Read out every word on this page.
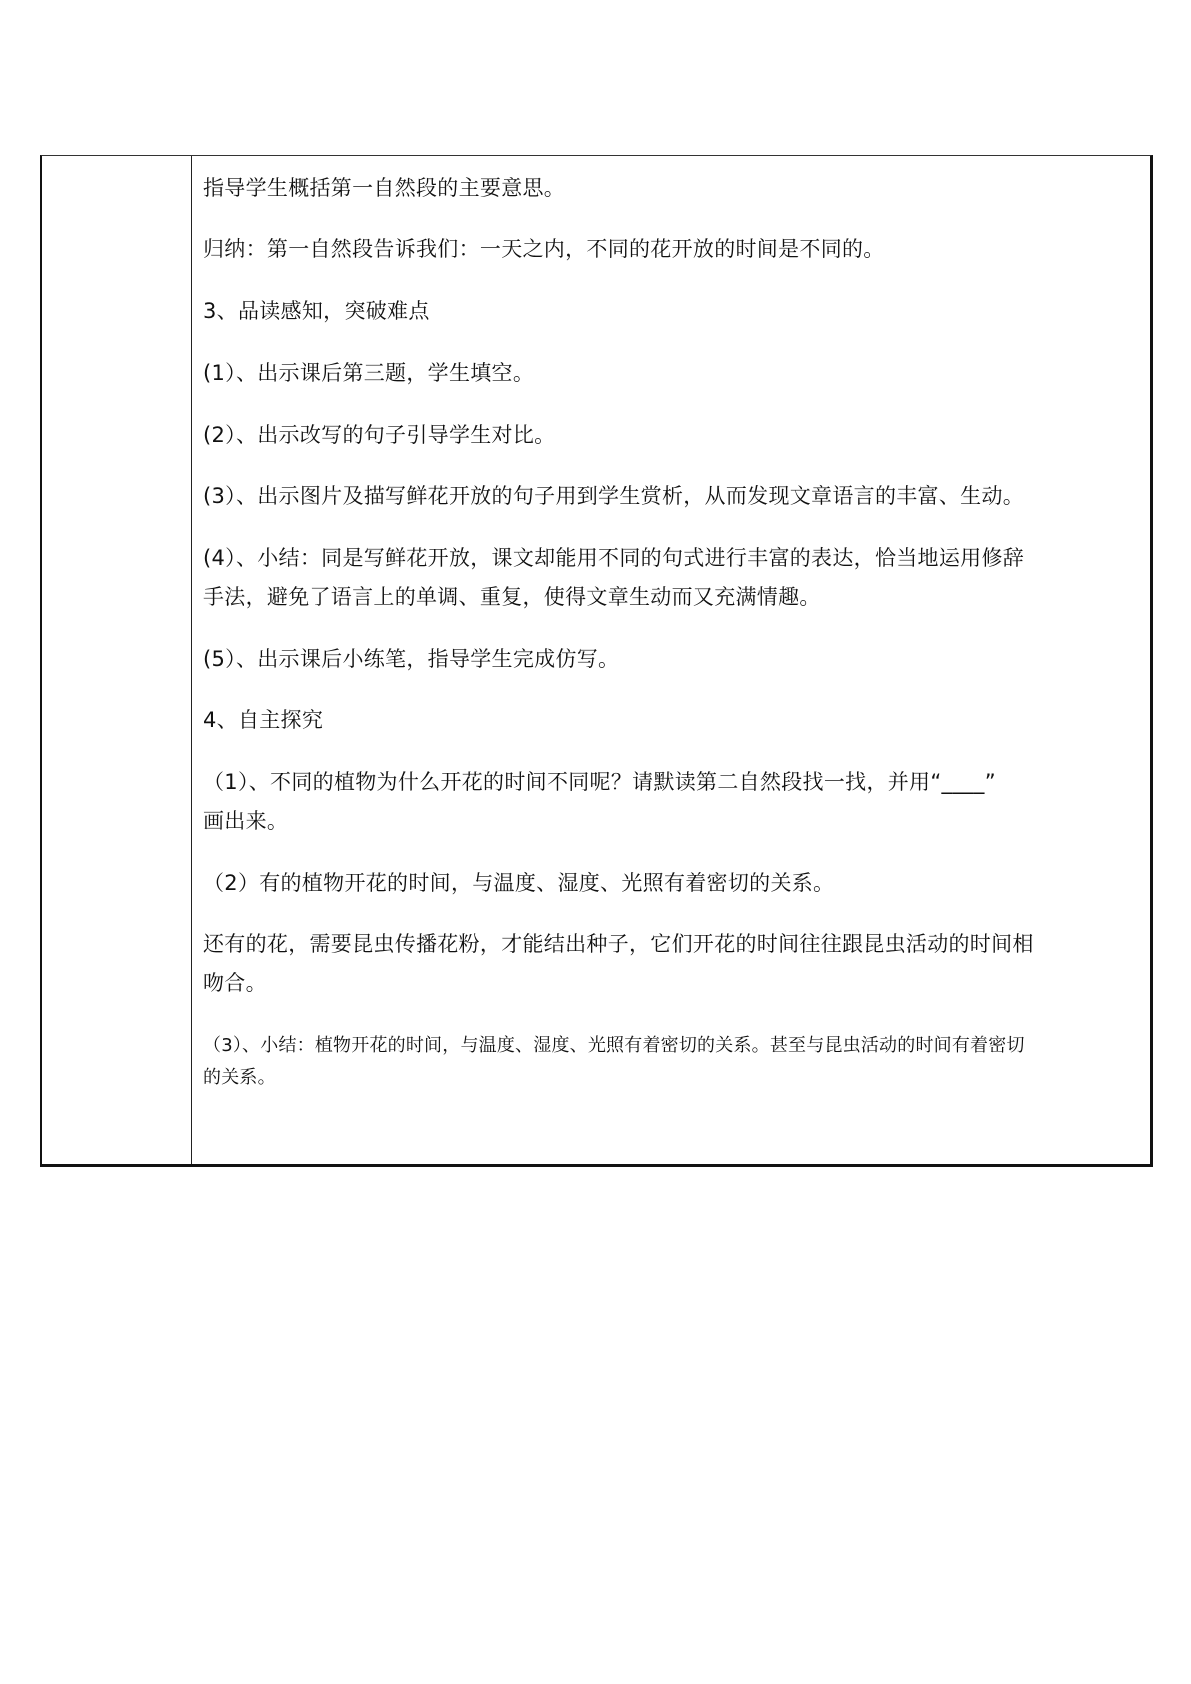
指导学生概括第一自然段的主要意思。

归纳：第一自然段告诉我们：一天之内，不同的花开放的时间是不同的。

3、品读感知，突破难点

(1）、出示课后第三题，学生填空。

(2）、出示改写的句子引导学生对比。

(3）、出示图片及描写鲜花开放的句子用到学生赏析，从而发现文章语言的丰富、生动。

(4）、小结：同是写鲜花开放，课文却能用不同的句式进行丰富的表达，恰当地运用修辞

手法，避免了语言上的单调、重复，使得文章生动而又充满情趣。

(5）、出示课后小练笔，指导学生完成仿写。

4、自主探究

（1）、不同的植物为什么开花的时间不同呢？请默读第二自然段找一找，并用“____”

画出来。

（2）有的植物开花的时间，与温度、湿度、光照有着密切的关系。

还有的花，需要昆虫传播花粉，才能结出种子，它们开花的时间往往跟昆虫活动的时间相

吻合。

（3）、小结：植物开花的时间，与温度、湿度、光照有着密切的关系。甚至与昆虫活动的时间有着密切

的关系。
